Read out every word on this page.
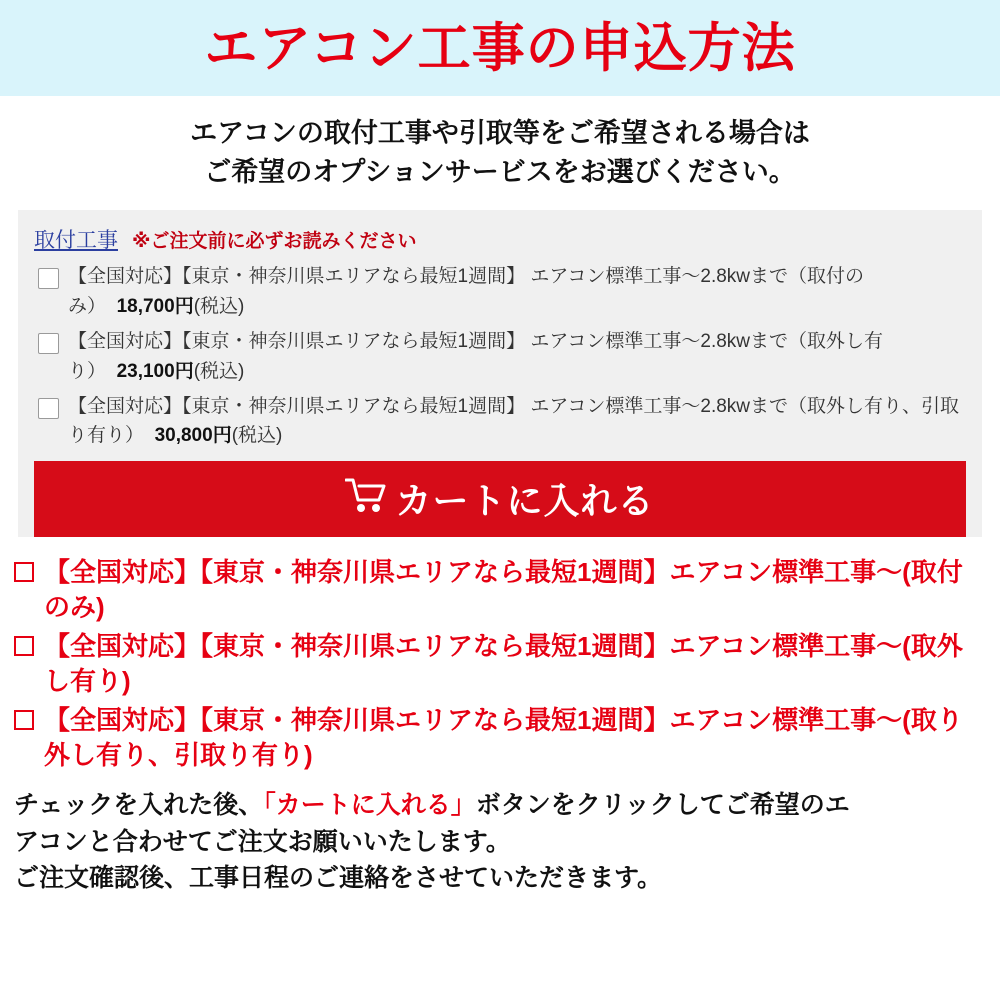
エアコン工事の申込方法
エアコンの取付工事や引取等をご希望される場合は
ご希望のオプションサービスをお選びください。
取付工事 ※ご注文前に必ずお読みください
【全国対応】【東京・神奈川県エリアなら最短1週間】 エアコン標準工事～2.8kwまで（取付のみ） 18,700円(税込)
【全国対応】【東京・神奈川県エリアなら最短1週間】 エアコン標準工事～2.8kwまで（取外し有り） 23,100円(税込)
【全国対応】【東京・神奈川県エリアなら最短1週間】 エアコン標準工事～2.8kwまで（取外し有り、引取り有り） 30,800円(税込)
カートに入れる
【全国対応】【東京・神奈川県エリアなら最短1週間】エアコン標準工事～(取付のみ)
【全国対応】【東京・神奈川県エリアなら最短1週間】エアコン標準工事～(取外し有り)
【全国対応】【東京・神奈川県エリアなら最短1週間】エアコン標準工事～(取り外し有り、引取り有り)
チェックを入れた後、「カートに入れる」ボタンをクリックしてご希望のエ
アコンと合わせてご注文お願いいたします。
ご注文確認後、工事日程のご連絡をさせていただきます。
